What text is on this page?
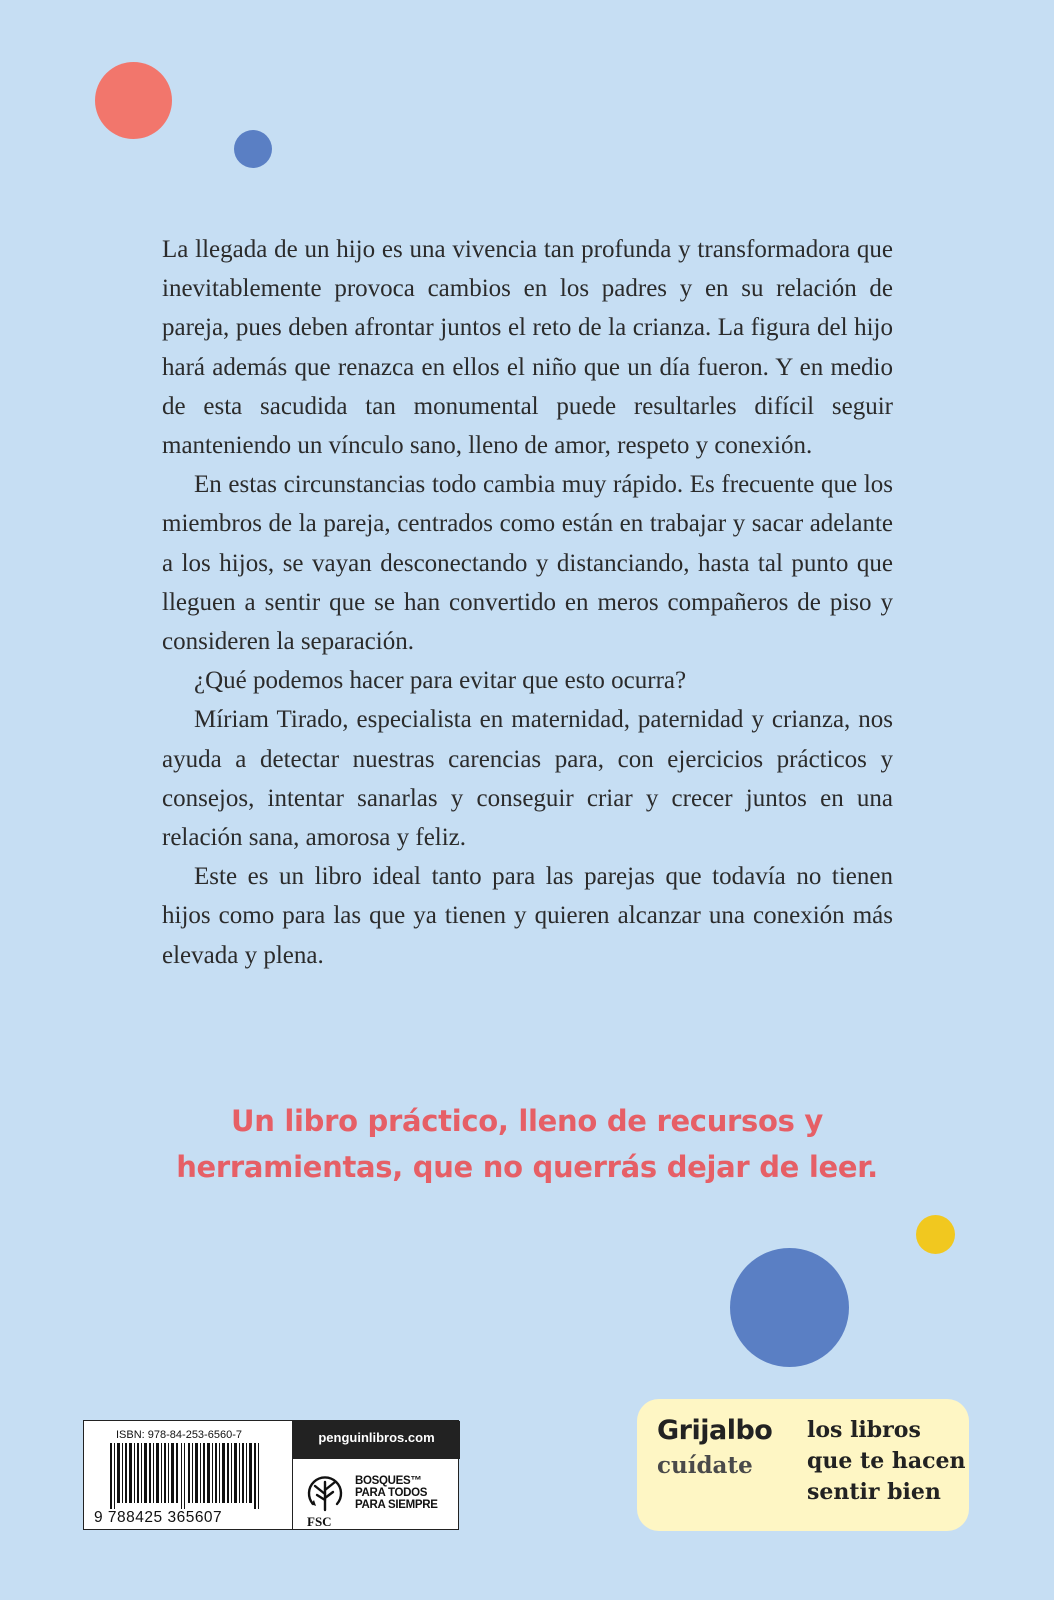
La llegada de un hijo es una vivencia tan profunda y transformadora que inevitablemente provoca cambios en los padres y en su relación de pareja, pues deben afrontar juntos el reto de la crianza. La figura del hijo hará además que renazca en ellos el niño que un día fueron. Y en medio de esta sacudida tan monumental puede resultarles difícil seguir manteniendo un vínculo sano, lleno de amor, respeto y conexión.

En estas circunstancias todo cambia muy rápido. Es frecuente que los miembros de la pareja, centrados como están en trabajar y sacar adelante a los hijos, se vayan desconectando y distanciando, hasta tal punto que lleguen a sentir que se han convertido en meros compañeros de piso y consideren la separación.

¿Qué podemos hacer para evitar que esto ocurra?

Míriam Tirado, especialista en maternidad, paternidad y crianza, nos ayuda a detectar nuestras carencias para, con ejercicios prácticos y consejos, intentar sanarlas y conseguir criar y crecer juntos en una relación sana, amorosa y feliz.

Este es un libro ideal tanto para las parejas que todavía no tienen hijos como para las que ya tienen y quieren alcanzar una conexión más elevada y plena.

Un libro práctico, lleno de recursos y
herramientas, que no querrás dejar de leer.
ISBN: 978-84-253-6560-7
9 788425 365607
penguinlibros.com
FSC
BOSQUES™
PARA TODOS
PARA SIEMPRE
Grijalbo
cuídate
los libros
que te hacen
sentir bien
